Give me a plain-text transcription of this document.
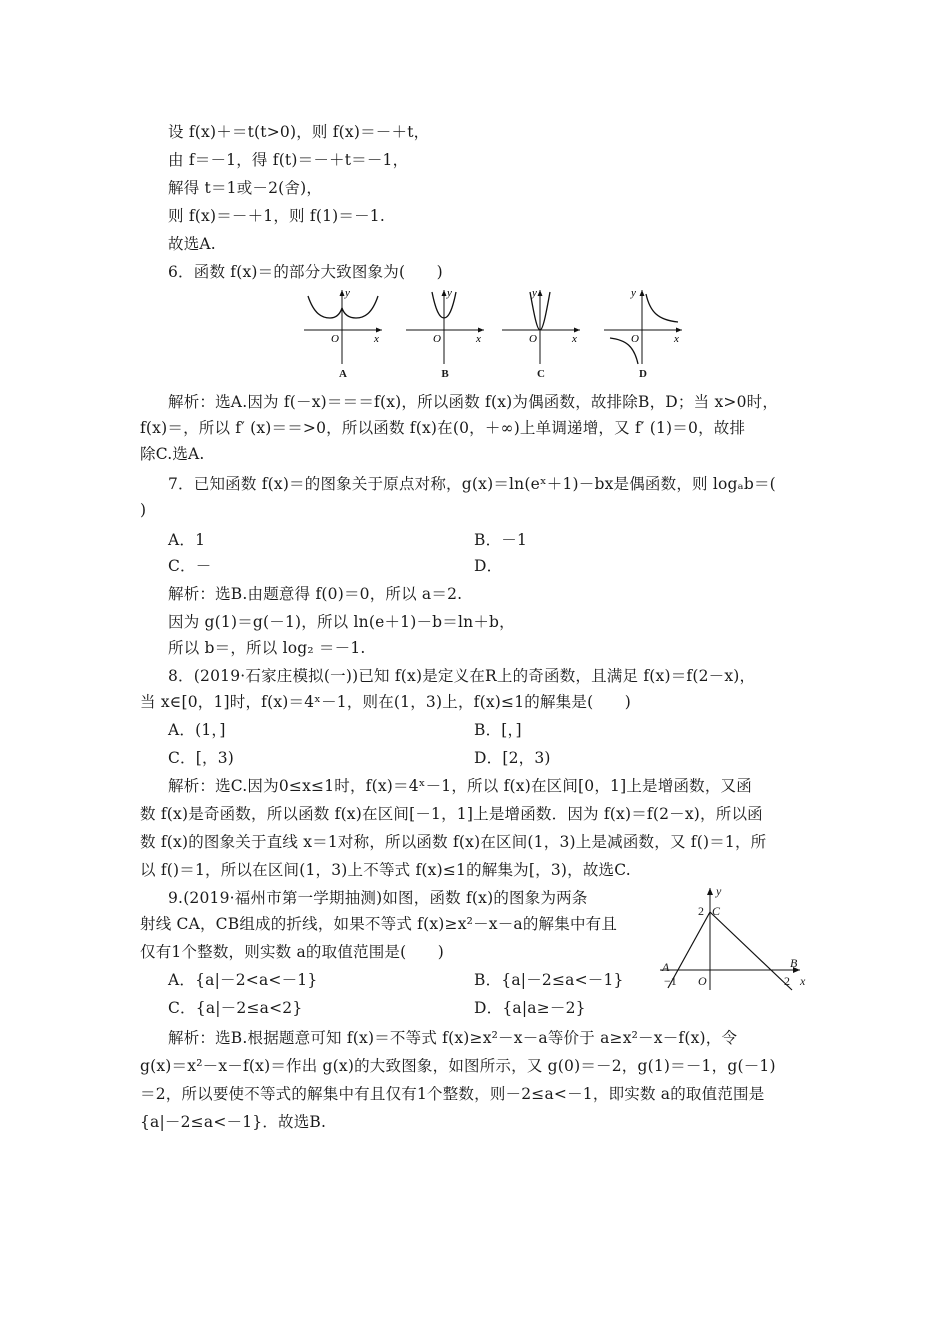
设 f(x)＋＝t(t>0)，则 f(x)＝－＋t，
由 f＝－1，得 f(t)＝－＋t＝－1，
解得 t＝1或－2(舍)，
则 f(x)＝－＋1，则 f(1)＝－1.
故选A.
6．函数 f(x)＝的部分大致图象为(　　)
y
O	x
A
y
O	x
B
y
O	x
C
y
O	x
D
解析：选A.因为 f(－x)＝＝＝f(x)，所以函数 f(x)为偶函数，故排除B，D；当 x>0时，
f(x)＝，所以 f′ (x)＝＝>0，所以函数 f(x)在(0，＋∞)上单调递增，又 f′ (1)＝0，故排
除C.选A.
7．已知函数 f(x)＝的图象关于原点对称，g(x)＝ln(eˣ＋1)－bx是偶函数，则 logₐb＝(
)
A．1	B．－1
C．－	D．
解析：选B.由题意得 f(0)＝0，所以 a＝2.
因为 g(1)＝g(－1)，所以 ln(e＋1)－b＝ln＋b，
所以 b＝，所以 log₂ ＝－1.
8．(2019·石家庄模拟(一))已知 f(x)是定义在R上的奇函数，且满足 f(x)＝f(2－x)，
当 x∈[0，1]时，f(x)＝4ˣ－1，则在(1，3)上，f(x)≤1的解集是(　　)
A．(1，]	B．[，]
C．[，3)	D．[2，3)
解析：选C.因为0≤x≤1时，f(x)＝4ˣ－1，所以 f(x)在区间[0，1]上是增函数，又函
数 f(x)是奇函数，所以函数 f(x)在区间[－1，1]上是增函数．因为 f(x)＝f(2－x)，所以函
数 f(x)的图象关于直线 x＝1对称，所以函数 f(x)在区间(1，3)上是减函数，又 f()＝1，所
以 f()＝1，所以在区间(1，3)上不等式 f(x)≤1的解集为[，3)，故选C.
9.(2019·福州市第一学期抽测)如图，函数 f(x)的图象为两条
射线 CA，CB组成的折线，如果不等式 f(x)≥x²－x－a的解集中有且
仅有1个整数，则实数 a的取值范围是(　　)
A．{a|－2<a<－1}	B．{a|－2≤a<－1}
C．{a|－2≤a<2}	D．{a|a≥－2}
y
2 C
A
−1 O
B
2 x
解析：选B.根据题意可知 f(x)＝不等式 f(x)≥x²－x－a等价于 a≥x²－x－f(x)，令
g(x)＝x²－x－f(x)＝作出 g(x)的大致图象，如图所示，又 g(0)＝－2，g(1)＝－1，g(－1)
＝2，所以要使不等式的解集中有且仅有1个整数，则－2≤a<－1，即实数 a的取值范围是
{a|－2≤a<－1}．故选B.
